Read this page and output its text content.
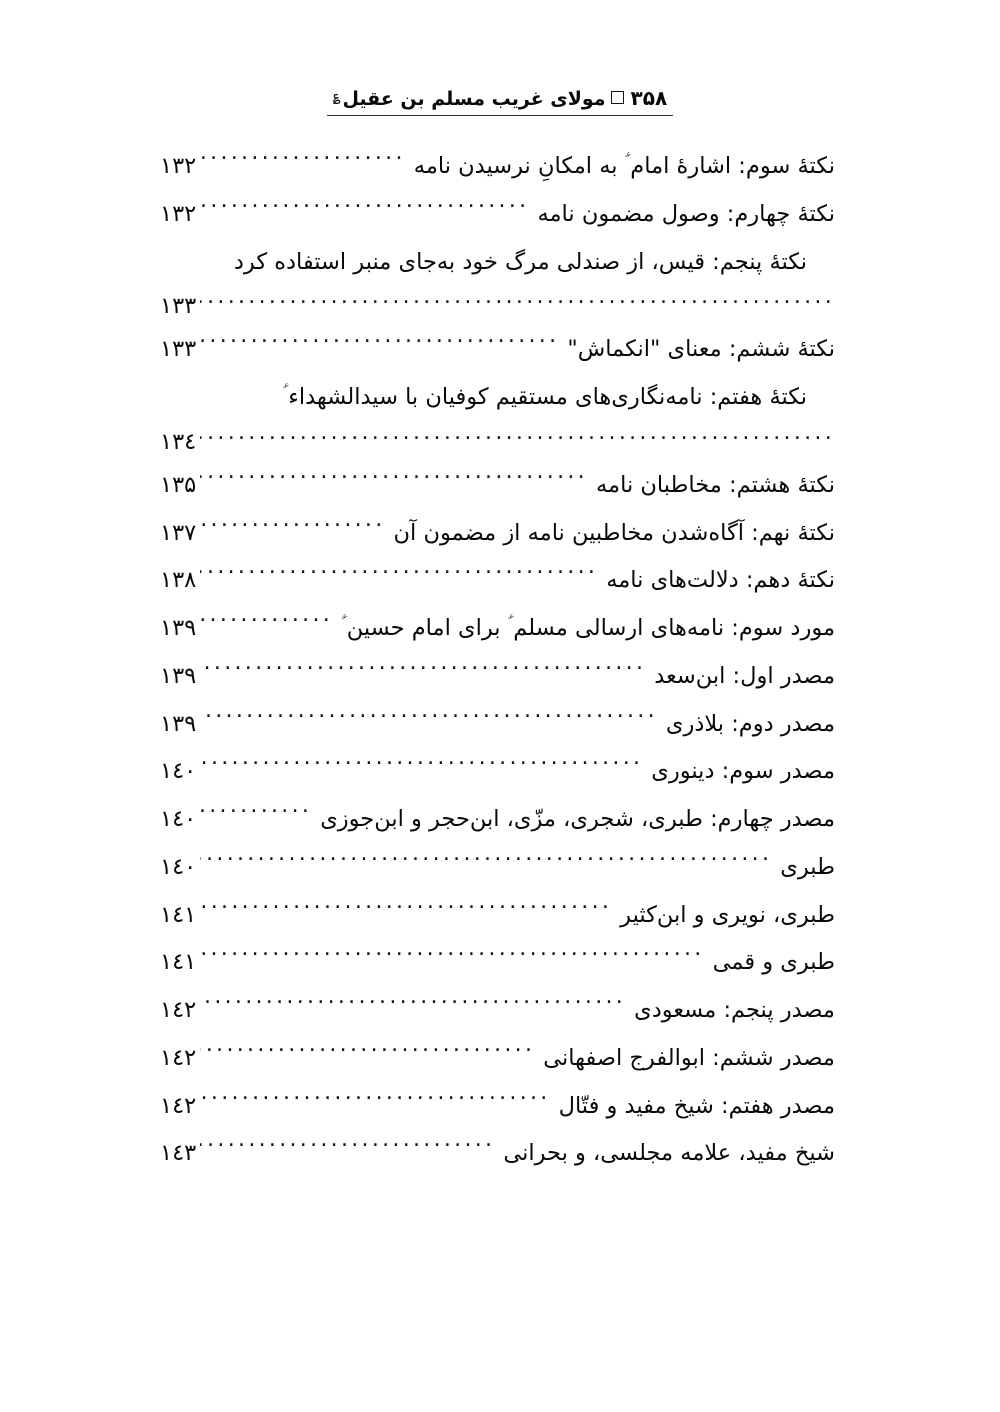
۳۵۸مولای غریب مسلم بن عقیل؏
نکتهٔ سوم: اشارهٔ امام ؑ به امکانِ نرسیدن نامه
.....
۱۳۲
نکتهٔ چهارم: وصول مضمون نامه
.....
۱۳۲
نکتهٔ پنجم: قیس، از صندلی مرگ خود به‌جای منبر استفاده کرد
.....
۱۳۳
نکتهٔ ششم: معنای "انکماش"
.....
۱۳۳
نکتهٔ هفتم: نامه‌نگاری‌های مستقیم کوفیان با سیدالشهداء ؑ
.....
۱۳٤
نکتهٔ هشتم: مخاطبان نامه
.....
۱۳۵
نکتهٔ نهم: آگاه‌شدن مخاطبین نامه از مضمون آن
.....
۱۳۷
نکتهٔ دهم: دلالت‌های نامه
.....
۱۳۸
مورد سوم: نامه‌های ارسالی مسلم ؑ برای امام حسین ؑ
.....
۱۳۹
مصدر اول: ابن‌سعد
.....
۱۳۹
مصدر دوم: بلاذری
.....
۱۳۹
مصدر سوم: دینوری
.....
۱٤۰
مصدر چهارم: طبری، شجری، مزّی، ابن‌حجر و ابن‌جوزی
.....
۱٤۰
طبری
.....
۱٤۰
طبری، نویری و ابن‌کثیر
.....
۱٤۱
طبری و قمی
.....
۱٤۱
مصدر پنجم: مسعودی
.....
۱٤۲
مصدر ششم: ابوالفرج اصفهانی
.....
۱٤۲
مصدر هفتم: شیخ مفید و فتّال
.....
۱٤۲
شیخ مفید، علامه مجلسی، و بحرانی
.....
۱٤۳
